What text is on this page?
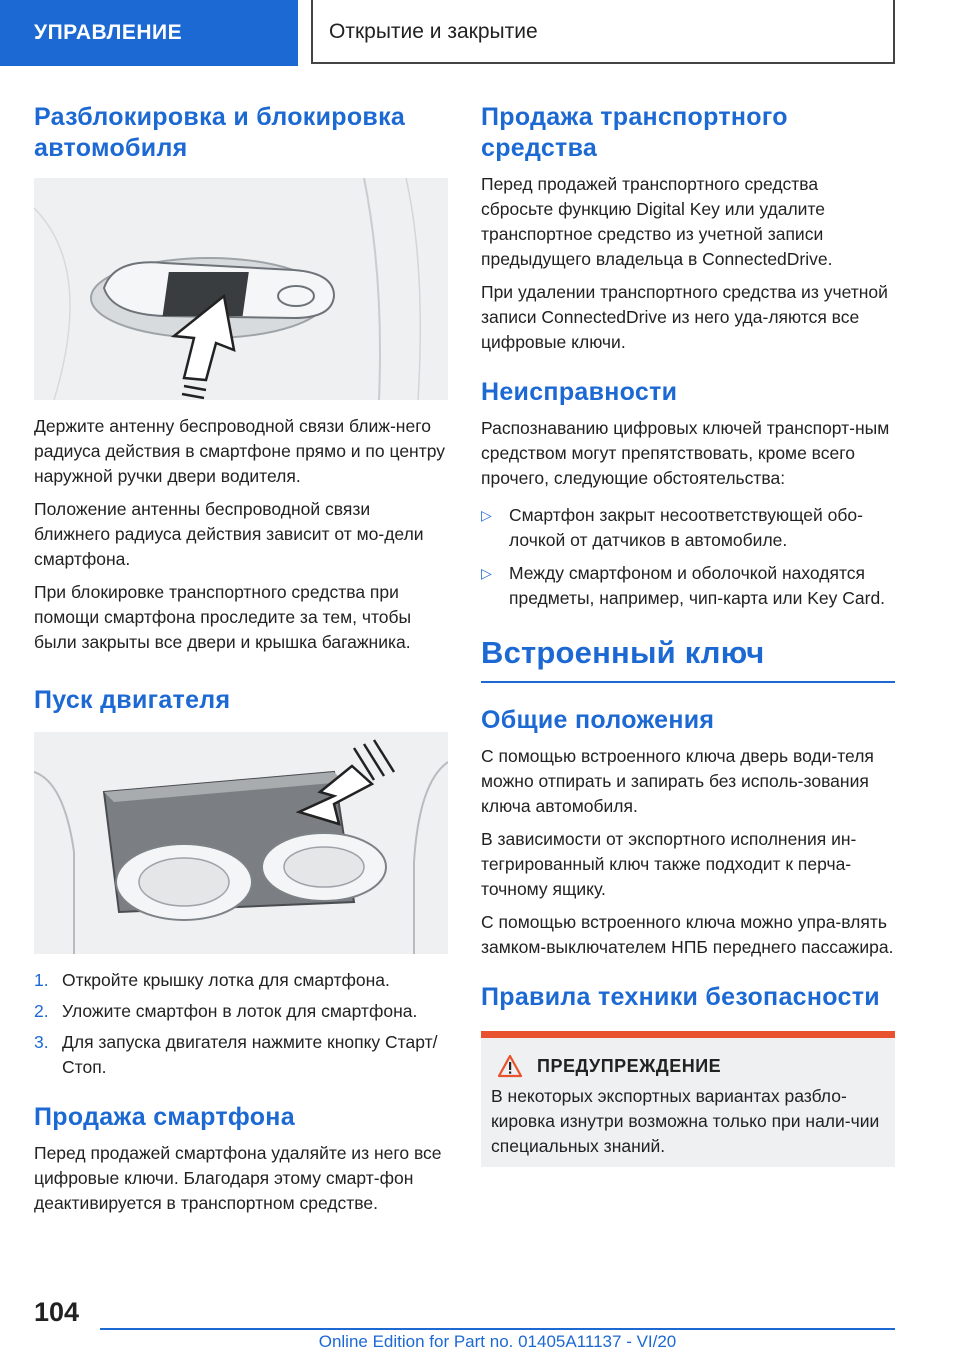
УПРАВЛЕНИЕ	Открытие и закрытие
Разблокировка и блокировка автомобиля

Держите антенну беспроводной связи ближ-него радиуса действия в смартфоне прямо и по центру наружной ручки двери водителя.

Положение антенны беспроводной связи ближнего радиуса действия зависит от мо-дели смартфона.

При блокировке транспортного средства при помощи смартфона проследите за тем, чтобы были закрыты все двери и крышка багажника.

Пуск двигателя
1. Откройте крышку лотка для смартфона.
2. Уложите смартфон в лоток для смартфона.
3. Для запуска двигателя нажмите кнопку Старт/Стоп.
Продажа смартфона

Перед продажей смартфона удаляйте из него все цифровые ключи. Благодаря этому смарт-фон деактивируется в транспортном средстве.

Продажа транспортного средства

Перед продажей транспортного средства сбросьте функцию Digital Key или удалите транспортное средство из учетной записи предыдущего владельца в ConnectedDrive.

При удалении транспортного средства из учетной записи ConnectedDrive из него уда-ляются все цифровые ключи.

Неисправности

Распознаванию цифровых ключей транспорт-ным средством могут препятствовать, кроме всего прочего, следующие обстоятельства:

▷ Смартфон закрыт несоответствующей обо-лочкой от датчиков в автомобиле.
▷ Между смартфоном и оболочкой находятся предметы, например, чип-карта или Key Card.
Встроенный ключ
Общие положения

С помощью встроенного ключа дверь води-теля можно отпирать и запирать без исполь-зования ключа автомобиля.

В зависимости от экспортного исполнения ин-тегрированный ключ также подходит к перча-точному ящику.

С помощью встроенного ключа можно упра-влять замком-выключателем НПБ переднего пассажира.

Правила техники безопасности
ПРЕДУПРЕЖДЕНИЕ

В некоторых экспортных вариантах разбло-кировка изнутри возможна только при нали-чии специальных знаний.

104
Online Edition for Part no. 01405A11137 - VI/20
